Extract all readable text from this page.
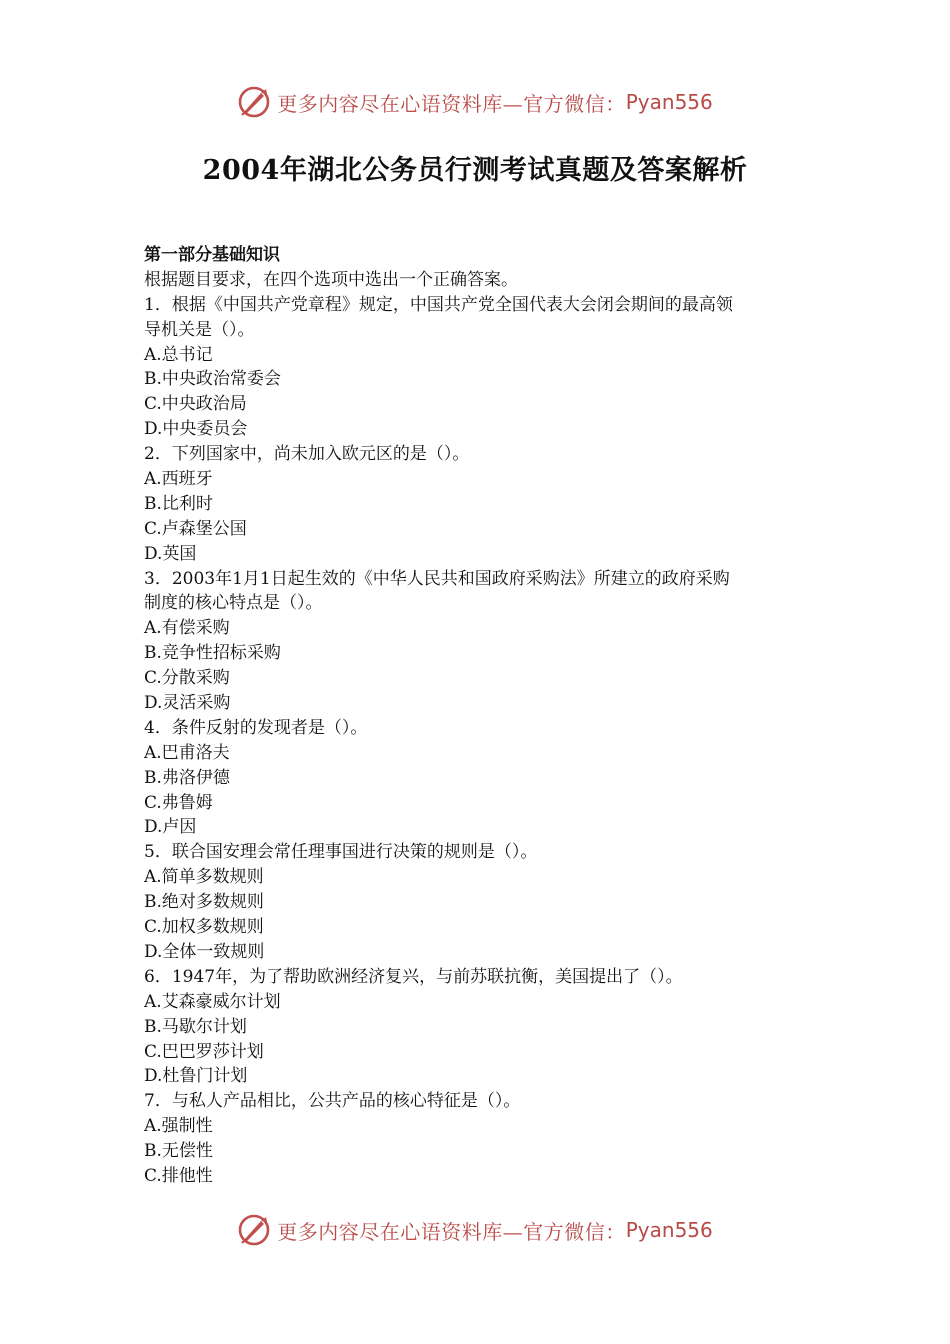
更多内容尽在心语资料库—官方微信： Pyan556
2004年湖北公务员行测考试真题及答案解析
第一部分基础知识
根据题目要求，在四个选项中选出一个正确答案。
1．根据《中国共产党章程》规定，中国共产党全国代表大会闭会期间的最高领
导机关是（）。
A.总书记
B.中央政治常委会
C.中央政治局
D.中央委员会
2．下列国家中，尚未加入欧元区的是（）。
A.西班牙
B.比利时
C.卢森堡公国
D.英国
3．2003年1月1日起生效的《中华人民共和国政府采购法》所建立的政府采购
制度的核心特点是（）。
A.有偿采购
B.竞争性招标采购
C.分散采购
D.灵活采购
4．条件反射的发现者是（）。
A.巴甫洛夫
B.弗洛伊德
C.弗鲁姆
D.卢因
5．联合国安理会常任理事国进行决策的规则是（）。
A.简单多数规则
B.绝对多数规则
C.加权多数规则
D.全体一致规则
6．1947年，为了帮助欧洲经济复兴，与前苏联抗衡，美国提出了（）。
A.艾森豪威尔计划
B.马歇尔计划
C.巴巴罗莎计划
D.杜鲁门计划
7．与私人产品相比，公共产品的核心特征是（）。
A.强制性
B.无偿性
C.排他性
更多内容尽在心语资料库—官方微信： Pyan556
